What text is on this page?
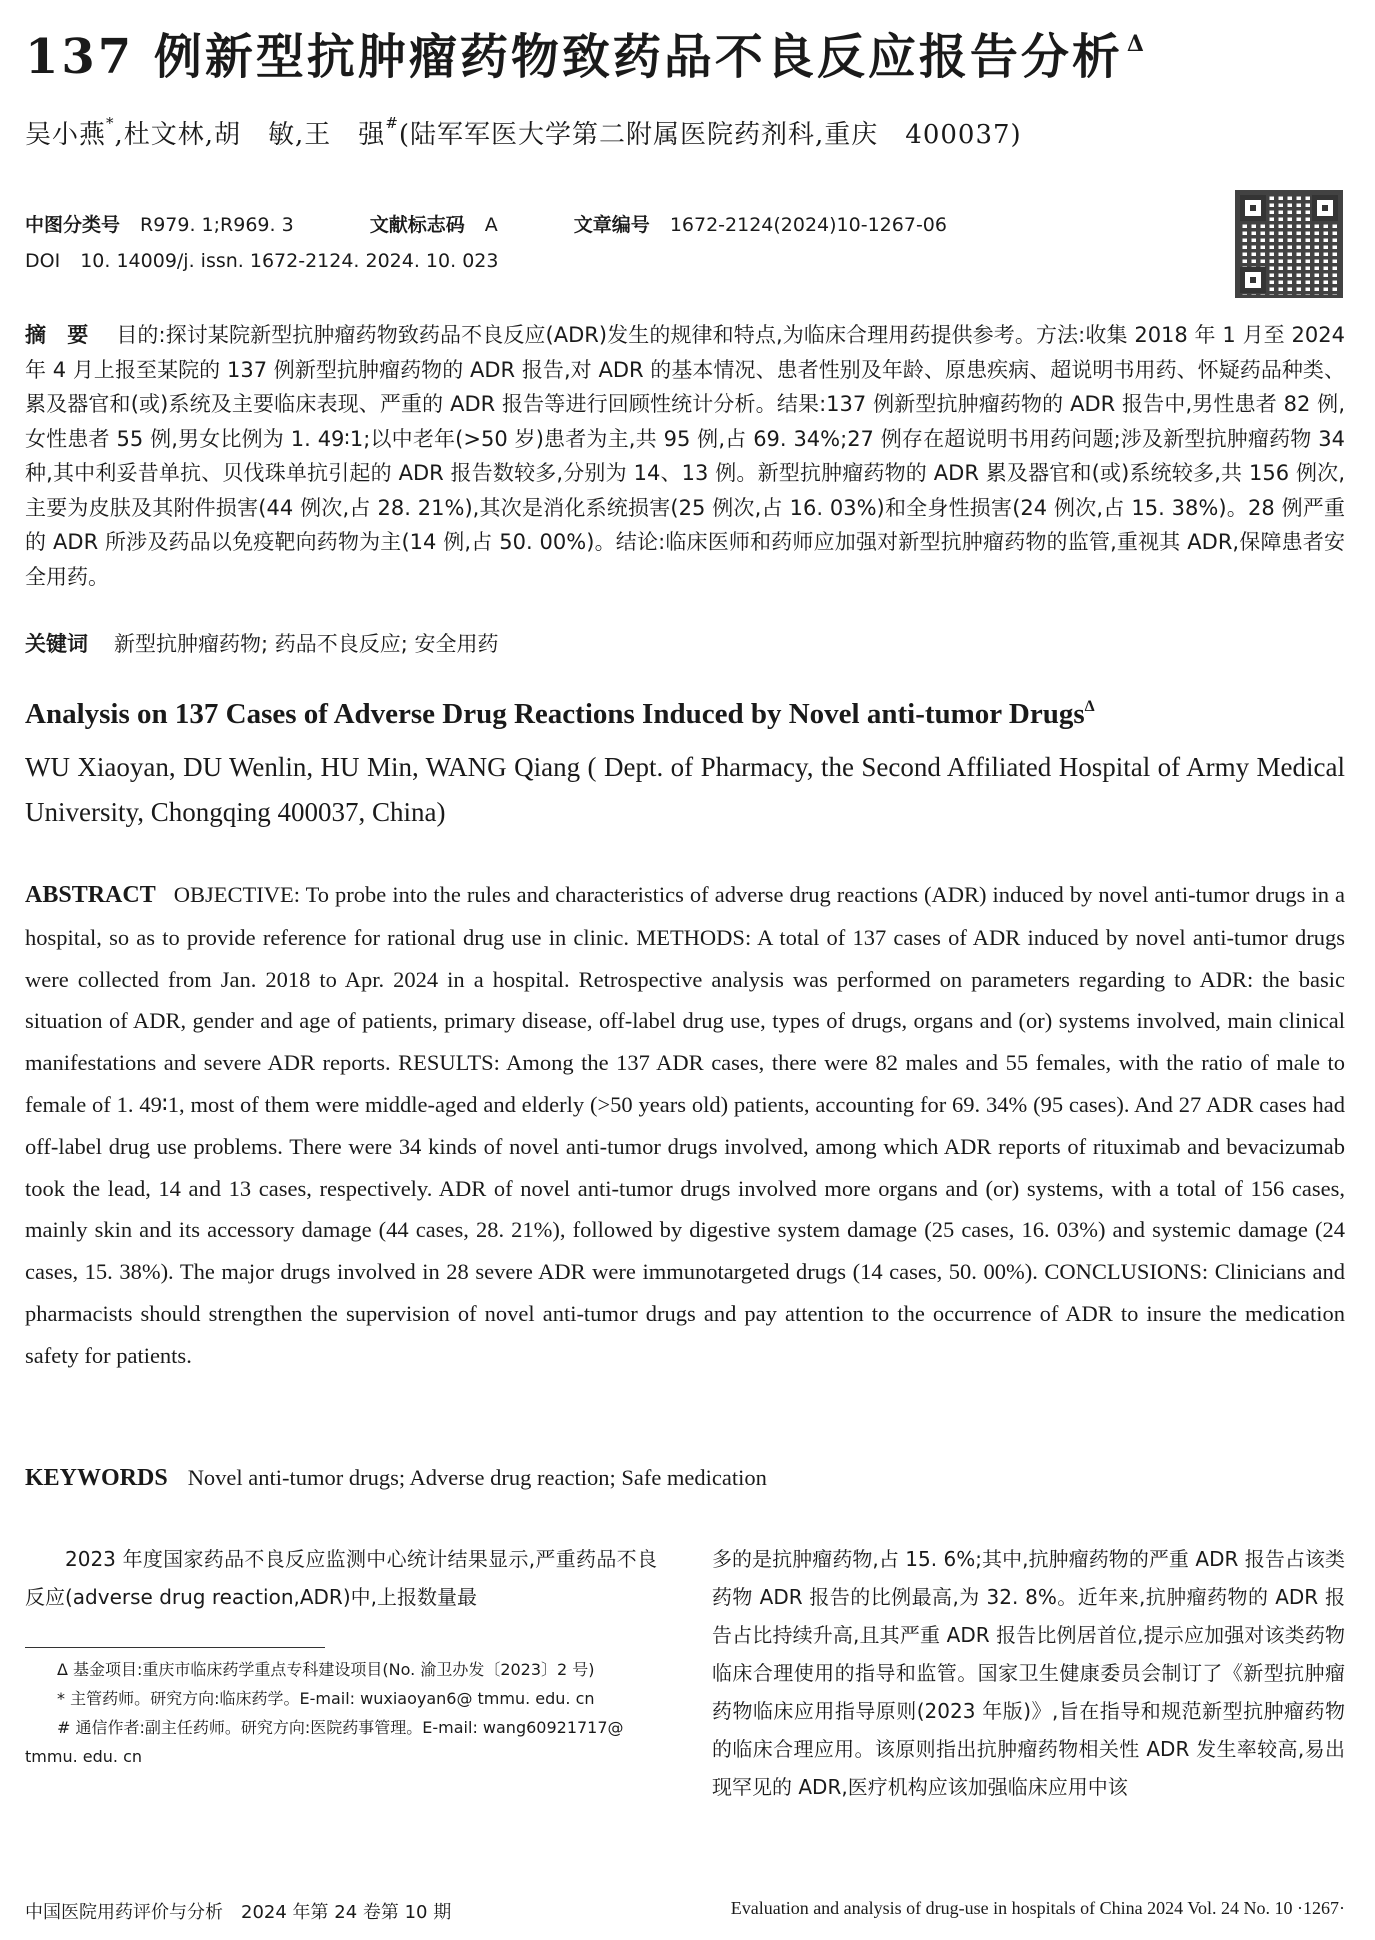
137 例新型抗肿瘤药物致药品不良反应报告分析 $^\Delta$
吴小燕*,杜文林,胡　敏,王　强#(陆军军医大学第二附属医院药剂科,重庆　400037)
中图分类号 R979. 1;R969. 3	文献标志码 A	文章编号 1672-2124(2024)10-1267-06
DOI 10. 14009/j. issn. 1672-2124. 2024. 10. 023
摘　要 目的:探讨某院新型抗肿瘤药物致药品不良反应(ADR)发生的规律和特点,为临床合理用药提供参考。方法:收集 2018 年 1 月至 2024 年 4 月上报至某院的 137 例新型抗肿瘤药物的 ADR 报告,对 ADR 的基本情况、患者性别及年龄、原患疾病、超说明书用药、怀疑药品种类、累及器官和(或)系统及主要临床表现、严重的 ADR 报告等进行回顾性统计分析。结果:137 例新型抗肿瘤药物的 ADR 报告中,男性患者 82 例,女性患者 55 例,男女比例为 1. 49∶1;以中老年(>50 岁)患者为主,共 95 例,占 69. 34%;27 例存在超说明书用药问题;涉及新型抗肿瘤药物 34 种,其中利妥昔单抗、贝伐珠单抗引起的 ADR 报告数较多,分别为 14、13 例。新型抗肿瘤药物的 ADR 累及器官和(或)系统较多,共 156 例次,主要为皮肤及其附件损害(44 例次,占 28. 21%),其次是消化系统损害(25 例次,占 16. 03%)和全身性损害(24 例次,占 15. 38%)。28 例严重的 ADR 所涉及药品以免疫靶向药物为主(14 例,占 50. 00%)。结论:临床医师和药师应加强对新型抗肿瘤药物的监管,重视其 ADR,保障患者安全用药。
关键词 新型抗肿瘤药物; 药品不良反应; 安全用药
Analysis on 137 Cases of Adverse Drug Reactions Induced by Novel anti-tumor Drugs$^\Delta$
WU Xiaoyan, DU Wenlin, HU Min, WANG Qiang ( Dept. of Pharmacy, the Second Affiliated Hospital of Army Medical University, Chongqing 400037, China)
ABSTRACT OBJECTIVE: To probe into the rules and characteristics of adverse drug reactions (ADR) induced by novel anti-tumor drugs in a hospital, so as to provide reference for rational drug use in clinic. METHODS: A total of 137 cases of ADR induced by novel anti-tumor drugs were collected from Jan. 2018 to Apr. 2024 in a hospital. Retrospective analysis was performed on parameters regarding to ADR: the basic situation of ADR, gender and age of patients, primary disease, off-label drug use, types of drugs, organs and (or) systems involved, main clinical manifestations and severe ADR reports. RESULTS: Among the 137 ADR cases, there were 82 males and 55 females, with the ratio of male to female of 1. 49∶1, most of them were middle-aged and elderly (>50 years old) patients, accounting for 69. 34% (95 cases). And 27 ADR cases had off-label drug use problems. There were 34 kinds of novel anti-tumor drugs involved, among which ADR reports of rituximab and bevacizumab took the lead, 14 and 13 cases, respectively. ADR of novel anti-tumor drugs involved more organs and (or) systems, with a total of 156 cases, mainly skin and its accessory damage (44 cases, 28. 21%), followed by digestive system damage (25 cases, 16. 03%) and systemic damage (24 cases, 15. 38%). The major drugs involved in 28 severe ADR were immunotargeted drugs (14 cases, 50. 00%). CONCLUSIONS: Clinicians and pharmacists should strengthen the supervision of novel anti-tumor drugs and pay attention to the occurrence of ADR to insure the medication safety for patients.
KEYWORDS Novel anti-tumor drugs; Adverse drug reaction; Safe medication
2023 年度国家药品不良反应监测中心统计结果显示,严重药品不良反应(adverse drug reaction,ADR)中,上报数量最

Δ 基金项目:重庆市临床药学重点专科建设项目(No. 渝卫办发〔2023〕2 号)

* 主管药师。研究方向:临床药学。E-mail: wuxiaoyan6@ tmmu. edu. cn

# 通信作者:副主任药师。研究方向:医院药事管理。E-mail: wang60921717@ tmmu. edu. cn

多的是抗肿瘤药物,占 15. 6%;其中,抗肿瘤药物的严重 ADR 报告占该类药物 ADR 报告的比例最高,为 32. 8%。近年来,抗肿瘤药物的 ADR 报告占比持续升高,且其严重 ADR 报告比例居首位,提示应加强对该类药物临床合理使用的指导和监管。国家卫生健康委员会制订了《新型抗肿瘤药物临床应用指导原则(2023 年版)》,旨在指导和规范新型抗肿瘤药物的临床合理应用。该原则指出抗肿瘤药物相关性 ADR 发生率较高,易出现罕见的 ADR,医疗机构应该加强临床应用中该
中国医院用药评价与分析　2024 年第 24 卷第 10 期	Evaluation and analysis of drug-use in hospitals of China 2024 Vol. 24 No. 10 ·1267·
